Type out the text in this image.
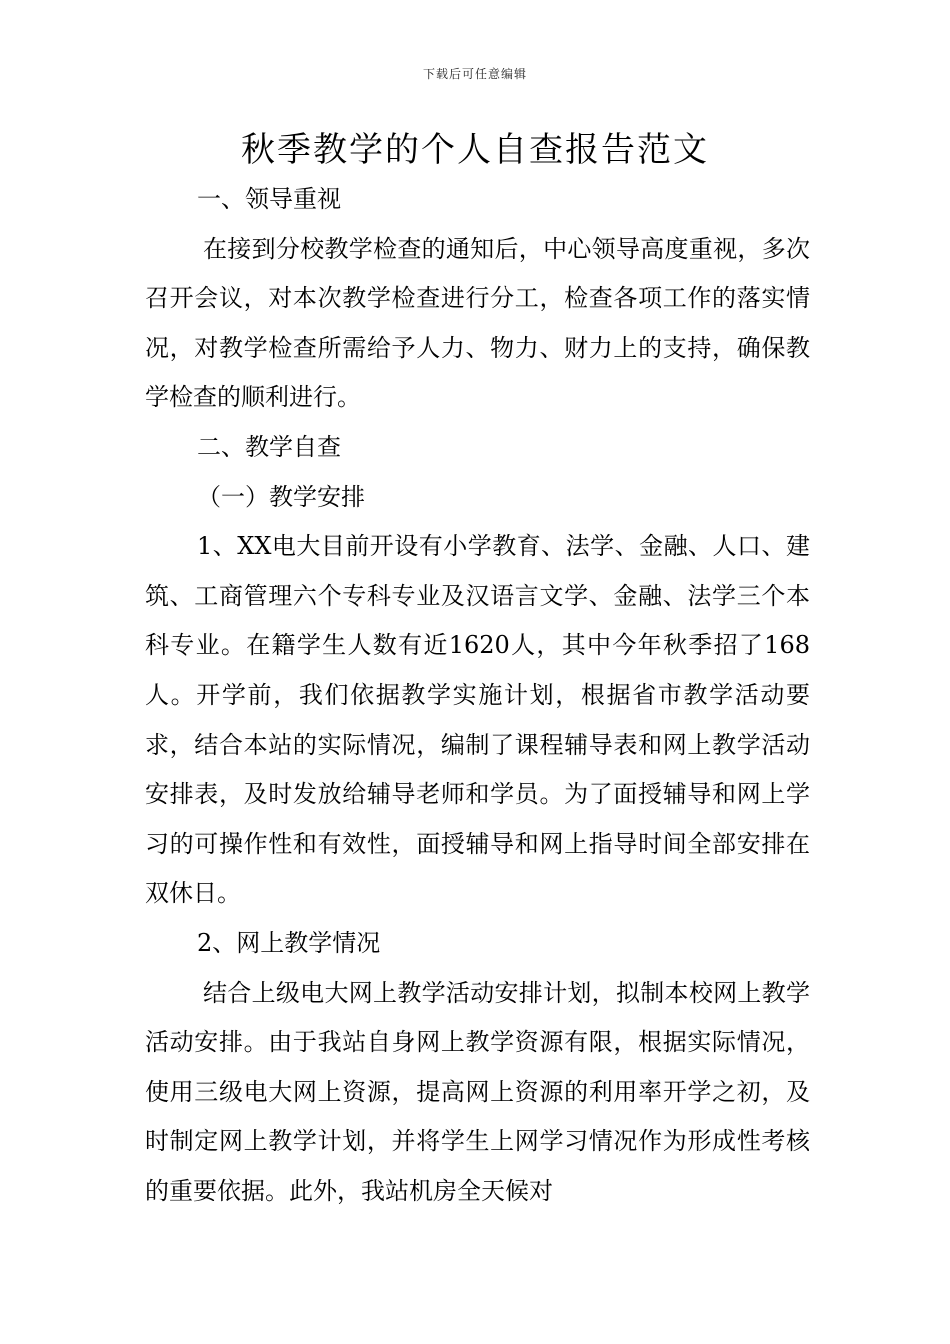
下载后可任意编辑
秋季教学的个人自查报告范文

一、领导重视

在接到分校教学检查的通知后，中心领导高度重视，多次召开会议，对本次教学检查进行分工，检查各项工作的落实情况，对教学检查所需给予人力、物力、财力上的支持，确保教学检查的顺利进行。

二、教学自查

（一）教学安排

1、XX电大目前开设有小学教育、法学、金融、人口、建筑、工商管理六个专科专业及汉语言文学、金融、法学三个本科专业。在籍学生人数有近1620人，其中今年秋季招了168人。开学前，我们依据教学实施计划，根据省市教学活动要求，结合本站的实际情况，编制了课程辅导表和网上教学活动安排表，及时发放给辅导老师和学员。为了面授辅导和网上学习的可操作性和有效性，面授辅导和网上指导时间全部安排在双休日。

2、网上教学情况

结合上级电大网上教学活动安排计划，拟制本校网上教学活动安排。由于我站自身网上教学资源有限，根据实际情况，使用三级电大网上资源，提高网上资源的利用率开学之初，及时制定网上教学计划，并将学生上网学习情况作为形成性考核的重要依据。此外，我站机房全天候对
